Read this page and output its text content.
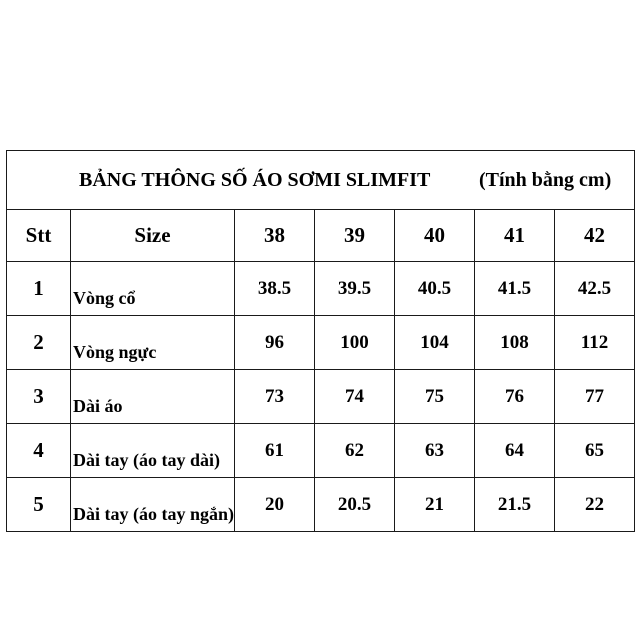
BẢNG THÔNG SỐ ÁO SƠMI SLIMFIT (Tính bằng cm)						

Stt	Size	38	39	40	41	42
1	Vòng cổ	38.5	39.5	40.5	41.5	42.5
2	Vòng ngực	96	100	104	108	112
3	Dài áo	73	74	75	76	77
4	Dài tay (áo tay dài)	61	62	63	64	65
5	Dài tay (áo tay ngắn)	20	20.5	21	21.5	22
